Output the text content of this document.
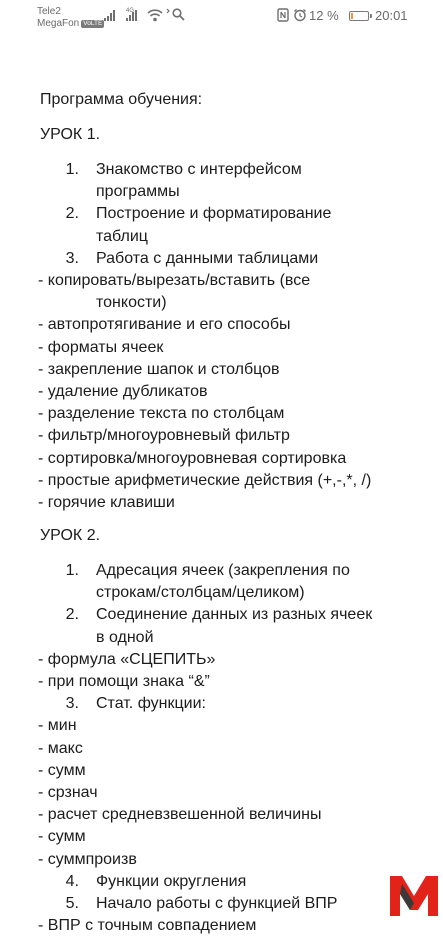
Tele2
MegaFon VoLTE
4G	12 %	20:01
Программа обучения:
УРОК 1.
1. Знакомство с интерфейсом
программы
2. Построение и форматирование
таблиц
3. Работа с данными таблицами
- копировать/вырезать/вставить (все
тонкости)
- автопротягивание и его способы
- форматы ячеек
- закрепление шапок и столбцов
- удаление дубликатов
- разделение текста по столбцам
- фильтр/многоуровневый фильтр
- сортировка/многоуровневая сортировка
- простые арифметические действия (+,-,*, /)
- горячие клавиши
УРОК 2.
1. Адресация ячеек (закрепления по
строкам/столбцам/целиком)
2. Соединение данных из разных ячеек
в одной
- формула «СЦЕПИТЬ»
- при помощи знака “&”
3. Стат. функции:
- мин
- макс
- сумм
- срзнач
- расчет средневзвешенной величины
- сумм
- суммпроизв
4. Функции округления
5. Начало работы с функцией ВПР
- ВПР с точным совпадением
